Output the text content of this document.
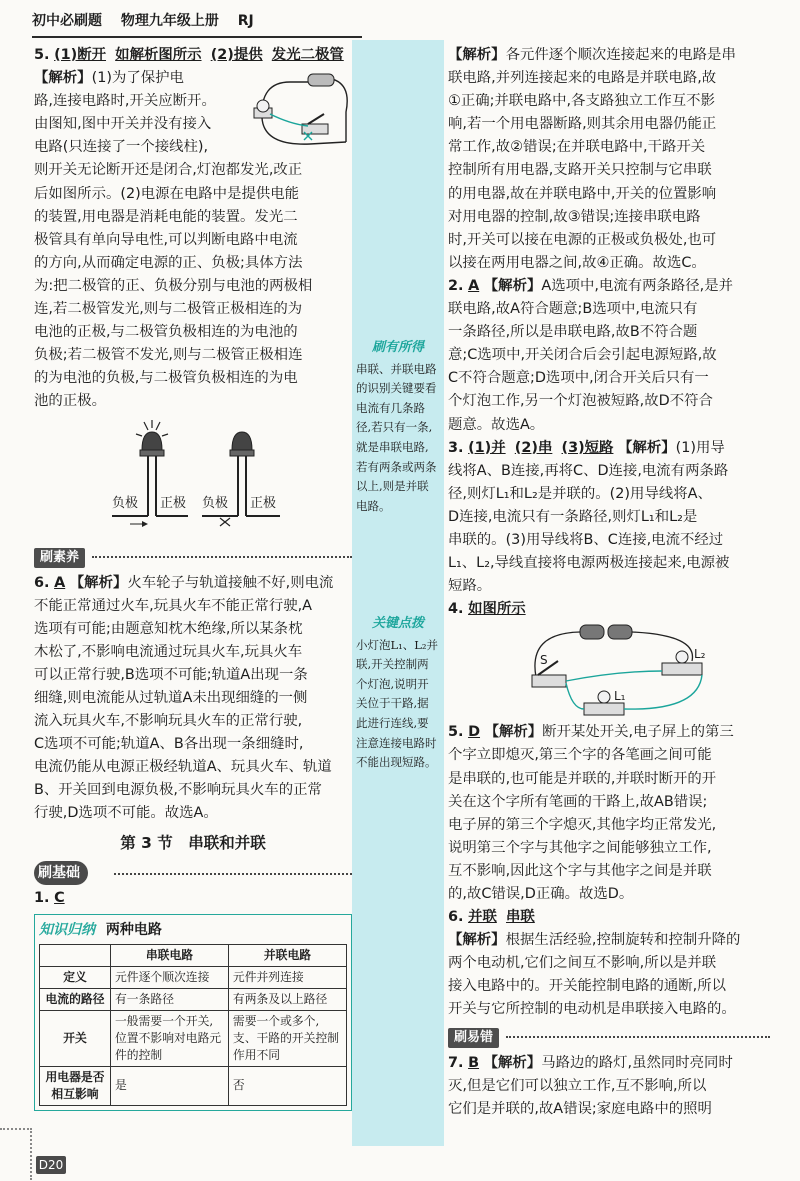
初中必刷题 物理九年级上册 RJ
刷有所得
串联、并联电路的识别关键要看电流有几条路径,若只有一条,就是串联电路,若有两条或两条以上,则是并联电路。
关键点拨
小灯泡L₁、L₂并联,开关控制两个灯泡,说明开关位于干路,据此进行连线,要注意连接电路时不能出现短路。

5. (1)断开 如解析图所示 (2)提供 发光二极管 【解析】(1)为了保护电

路,连接电路时,开关应断开。

由图知,图中开关并没有接入

电路(只连接了一个接线柱),

则开关无论断开还是闭合,灯泡都发光,改正

后如图所示。(2)电源在电路中是提供电能

的装置,用电器是消耗电能的装置。发光二

极管具有单向导电性,可以判断电路中电流

的方向,从而确定电源的正、负极;具体方法

为:把二极管的正、负极分别与电池的两极相

连,若二极管发光,则与二极管正极相连的为

电池的正极,与二极管负极相连的为电池的

负极;若二极管不发光,则与二极管正极相连

的为电池的负极,与二极管负极相连的为电

池的正极。

负极 正极 负极 正极
刷素养

6. A 【解析】火车轮子与轨道接触不好,则电流

不能正常通过火车,玩具火车不能正常行驶,A

选项有可能;由题意知枕木绝缘,所以某条枕

木松了,不影响电流通过玩具火车,玩具火车

可以正常行驶,B选项不可能;轨道A出现一条

细缝,则电流能从过轨道A未出现细缝的一侧

流入玩具火车,不影响玩具火车的正常行驶,

C选项不可能;轨道A、B各出现一条细缝时,

电流仍能从电源正极经轨道A、玩具火车、轨道

B、开关回到电源负极,不影响玩具火车的正常

行驶,D选项不可能。故选A。

第 3 节　串联和并联
刷基础

1. C

知识归纳 两种电路
	串联电路	并联电路
定义	元件逐个顺次连接	元件并列连接
电流的路径	有一条路径	有两条及以上路径
开关	一般需要一个开关,位置不影响对电路元件的控制	需要一个或多个,支、干路的开关控制作用不同
用电器是否相互影响	是	否

【解析】各元件逐个顺次连接起来的电路是串

联电路,并列连接起来的电路是并联电路,故

①正确;并联电路中,各支路独立工作互不影

响,若一个用电器断路,则其余用电器仍能正

常工作,故②错误;在并联电路中,干路开关

控制所有用电器,支路开关只控制与它串联

的用电器,故在并联电路中,开关的位置影响

对用电器的控制,故③错误;连接串联电路

时,开关可以接在电源的正极或负极处,也可

以接在两用电器之间,故④正确。故选C。

2. A 【解析】A选项中,电流有两条路径,是并

联电路,故A符合题意;B选项中,电流只有

一条路径,所以是串联电路,故B不符合题

意;C选项中,开关闭合后会引起电源短路,故

C不符合题意;D选项中,闭合开关后只有一

个灯泡工作,另一个灯泡被短路,故D不符合

题意。故选A。

3. (1)并 (2)串 (3)短路 【解析】(1)用导

线将A、B连接,再将C、D连接,电流有两条路

径,则灯L₁和L₂是并联的。(2)用导线将A、

D连接,电流只有一条路径,则灯L₁和L₂是

串联的。(3)用导线将B、C连接,电流不经过

L₁、L₂,导线直接将电源两极连接起来,电源被

短路。

4. 如图所示

S	L₂
L₁

5. D 【解析】断开某处开关,电子屏上的第三

个字立即熄灭,第三个字的各笔画之间可能

是串联的,也可能是并联的,并联时断开的开

关在这个字所有笔画的干路上,故AB错误;

电子屏的第三个字熄灭,其他字均正常发光,

说明第三个字与其他字之间能够独立工作,

互不影响,因此这个字与其他字之间是并联

的,故C错误,D正确。故选D。

6. 并联 串联

【解析】根据生活经验,控制旋转和控制升降的

两个电动机,它们之间互不影响,所以是并联

接入电路中的。开关能控制电路的通断,所以

开关与它所控制的电动机是串联接入电路的。

刷易错

7. B 【解析】马路边的路灯,虽然同时亮同时

灭,但是它们可以独立工作,互不影响,所以

它们是并联的,故A错误;家庭电路中的照明

D20
